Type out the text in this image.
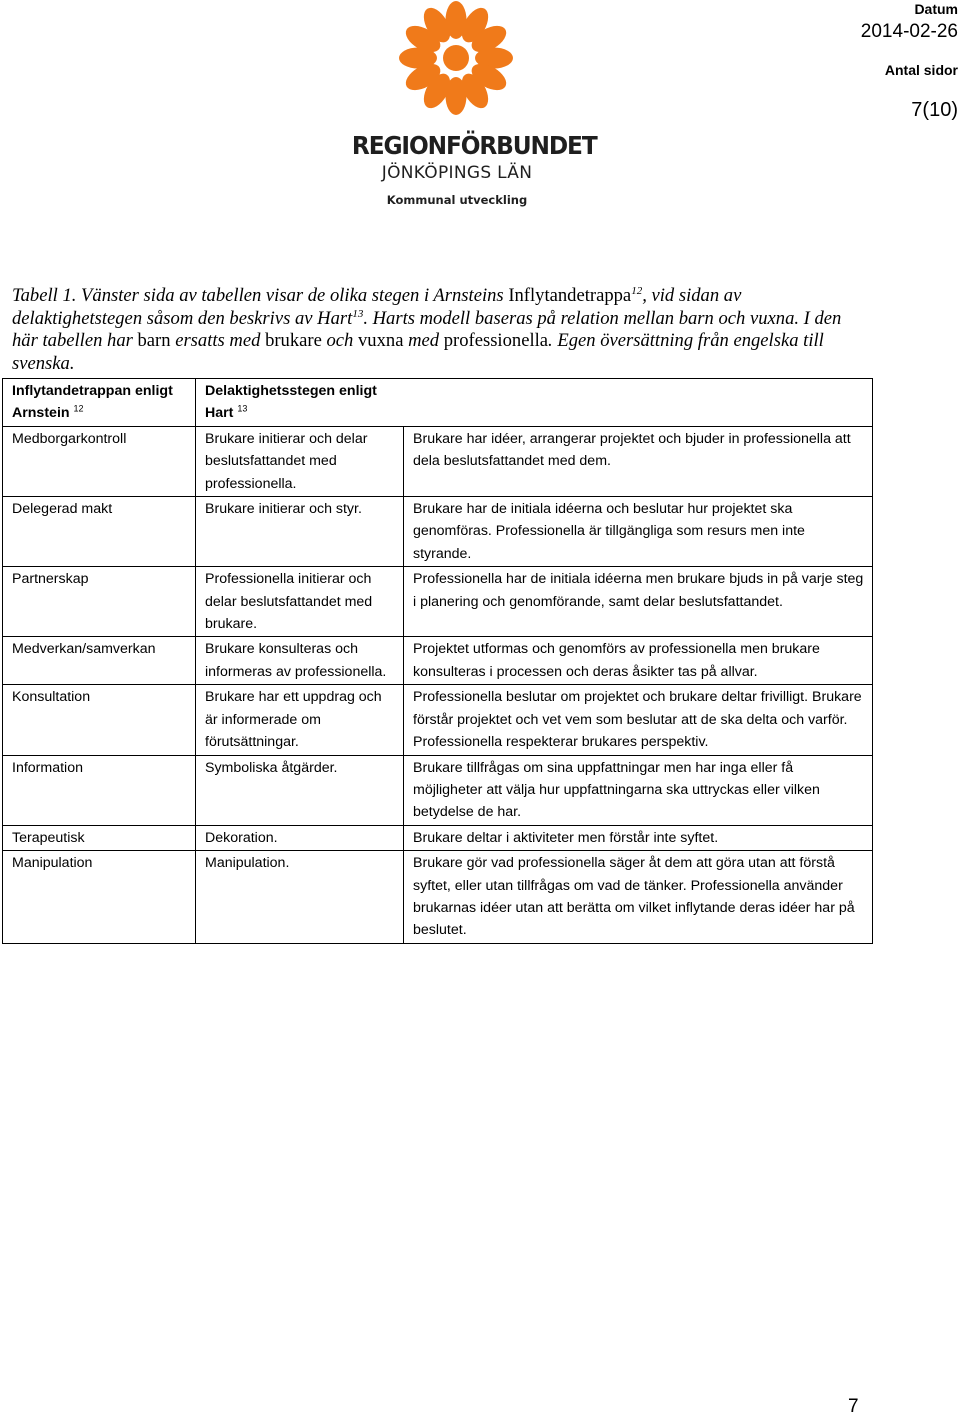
REGIONFÖRBUNDET
JÖNKÖPINGS LÄN
Kommunal utveckling
Datum
2014-02-26
Antal sidor
7(10)
Tabell 1. Vänster sida av tabellen visar de olika stegen i Arnsteins Inflytandetrappa$^{12}$, vid sidan av delaktighetstegen såsom den beskrivs av Hart$^{13}$. Harts modell baseras på relation mellan barn och vuxna. I den här tabellen har barn ersatts med brukare och vuxna med professionella. Egen översättning från engelska till svenska.
Inflytandetrappan enligt Arnstein $^{12}$	Delaktighetsstegen enligt Hart $^{13}$	
Medborgarkontroll	Brukare initierar och delar beslutsfattandet med professionella.	Brukare har idéer, arrangerar projektet och bjuder in professionella att dela beslutsfattandet med dem.
Delegerad makt	Brukare initierar och styr.	Brukare har de initiala idéerna och beslutar hur projektet ska genomföras. Professionella är tillgängliga som resurs men inte styrande.
Partnerskap	Professionella initierar och delar beslutsfattandet med brukare.	Professionella har de initiala idéerna men brukare bjuds in på varje steg i planering och genomförande, samt delar beslutsfattandet.
Medverkan/samverkan	Brukare konsulteras och informeras av professionella.	Projektet utformas och genomförs av professionella men brukare konsulteras i processen och deras åsikter tas på allvar.
Konsultation	Brukare har ett uppdrag och är informerade om förutsättningar.	Professionella beslutar om projektet och brukare deltar frivilligt. Brukare förstår projektet och vet vem som beslutar att de ska delta och varför. Professionella respekterar brukares perspektiv.
Information	Symboliska åtgärder.	Brukare tillfrågas om sina uppfattningar men har inga eller få möjligheter att välja hur uppfattningarna ska uttryckas eller vilken betydelse de har.
Terapeutisk	Dekoration.	Brukare deltar i aktiviteter men förstår inte syftet.
Manipulation	Manipulation.	Brukare gör vad professionella säger åt dem att göra utan att förstå syftet, eller utan tillfrågas om vad de tänker. Professionella använder brukarnas idéer utan att berätta om vilket inflytande deras idéer har på beslutet.
7
